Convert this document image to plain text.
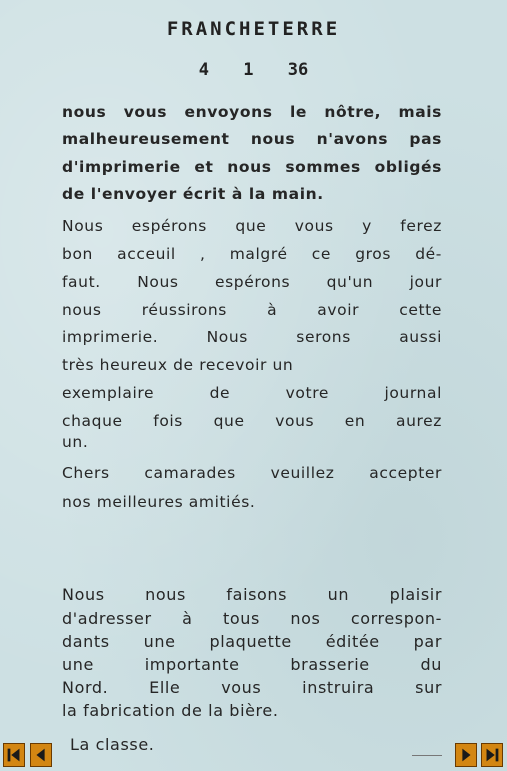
FRANCHETERRE
4 1 36
nous vous envoyons le nôtre, mais
malheureusement nous n'avons pas
d'imprimerie et nous sommes obligés
de l'envoyer écrit à la main.
Nous espérons que vous y ferez
bon acceuil , malgré ce gros dé-
faut. Nous espérons qu'un jour
nous réussirons à avoir cette
imprimerie. Nous serons aussi
très heureux de recevoir un
exemplaire de votre journal
chaque fois que vous en aurez
un.
Chers camarades veuillez accepter
nos meilleures amitiés.
Nous nous faisons un plaisir
d'adresser à tous nos correspon-
dants une plaquette éditée par
une importante brasserie du
Nord. Elle vous instruira sur
la fabrication de la bière.
La classe.
